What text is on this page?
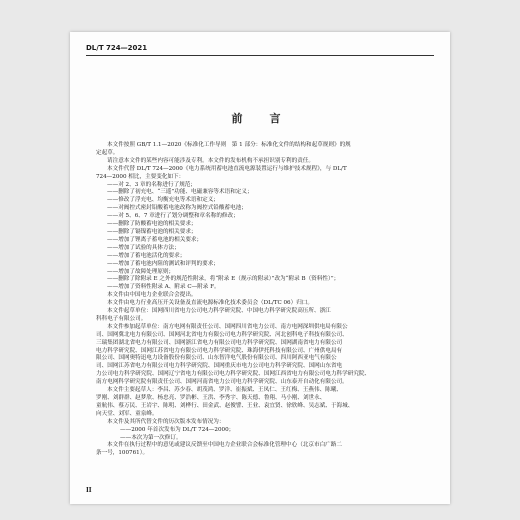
DL/T 724—2021
前　言

本文件按照 GB/T 1.1—2020《标准化工作导则　第 1 部分：标准化文件的结构和起草规则》的规

定起草。

请注意本文件的某些内容可能涉及专利。本文件的发布机构不承担识别专利的责任。

本文件代替 DL/T 724—2000《电力系统用蓄电池直流电源装置运行与维护技术规程》，与 DL/T

724—2000 相比，主要变化如下：

——对 2、3 章的名称进行了规范；

——删除了初充电、“三遥”功能、电磁兼容等术语和定义；

——修改了浮充电、均衡充电等术语和定义；

——对阀控式密封铅酸蓄电池改称为阀控式铅酸蓄电池；

——对 5、6、7 章进行了划分调整和章名称的修改；

——删除了防酸蓄电池的相关要求；

——删除了镉镍蓄电池的相关要求；

——增加了锂离子蓄电池的相关要求；

——增加了试验的具体方法；

——增加了蓄电池活化的要求；

——增加了蓄电池内阻的测试和评判的要求；

——增加了故障处理原则；

——删除了除附录 E 之外的规范性附录，将“附录 E（规示的附录）”改为“附录 B（资料性）”；

——增加了资料性附录 A、附录 C—附录 F。

本文件由中国电力企业联合会提出。

本文件由电力行业高压开关设备及直流电源标准化技术委员会（DL/TC 06）归口。

本文件起草单位：国网四川省电力公司电力科学研究院、中国电力科学研究院高压所、浙江

科科电子有限公司。

本文件参加起草单位：南方电网有限责任公司、国网四川省电力公司、南方电网深圳供电局有限公

司、国网冀北电力有限公司、国网河北省电力有限公司电力科学研究院、河北创科电子科技有限公司、

三瑞集团湖北省电力有限公司、国网浙江省电力有限公司电力科学研究院、国网湖南省电力有限公司

电力科学研究院、国网江苏省电力有限公司电力科学研究院、珠海伊托科技有限公司、广州供电局有

限公司、国网奥特迅电力设备股份有限公司、山东智洋电气股份有限公司、四川阿西亚电气有限公

司、国网江苏省电力有限公司电力科学研究院、国网重庆市电力公司电力科学研究院、国网山东省电

力公司电力科学研究院、国网辽宁省电力有限公司电力科学研究院、国网江西省电力有限公司电力科学研究院、

南方电网科学研究院有限责任公司、国网河南省电力公司电力科学研究院、山东泰开自动化有限公司。

本文件主要起草人：李昌、苏少春、胡茂鸿、罗洋、崔振斌、王凤仁、王红梅、王燕伟、陈曦、

罗刚、刘群群、赵梦欣、杨忠亮、罗浩彬、王洪、李秀宇、陈天德、鲁翔、马小刚、刘世永、

童航伟、蔡万民、王岩宇、陈明、刘桦行、田金武、赵俊譬、王业、袁宜贤、徐欣峰、吴志斌、于海城、

向天堂、刘军、童泉峰。

本文件及其所代替文件的历次版本发布情况为：

——2000 年首次发布为 DL/T 724—2000；

——本次为第一次修订。

本文件在执行过程中的意见或建议反馈至中国电力企业联合会标准化管理中心（北京市白广路二

条一号，100761）。

II
